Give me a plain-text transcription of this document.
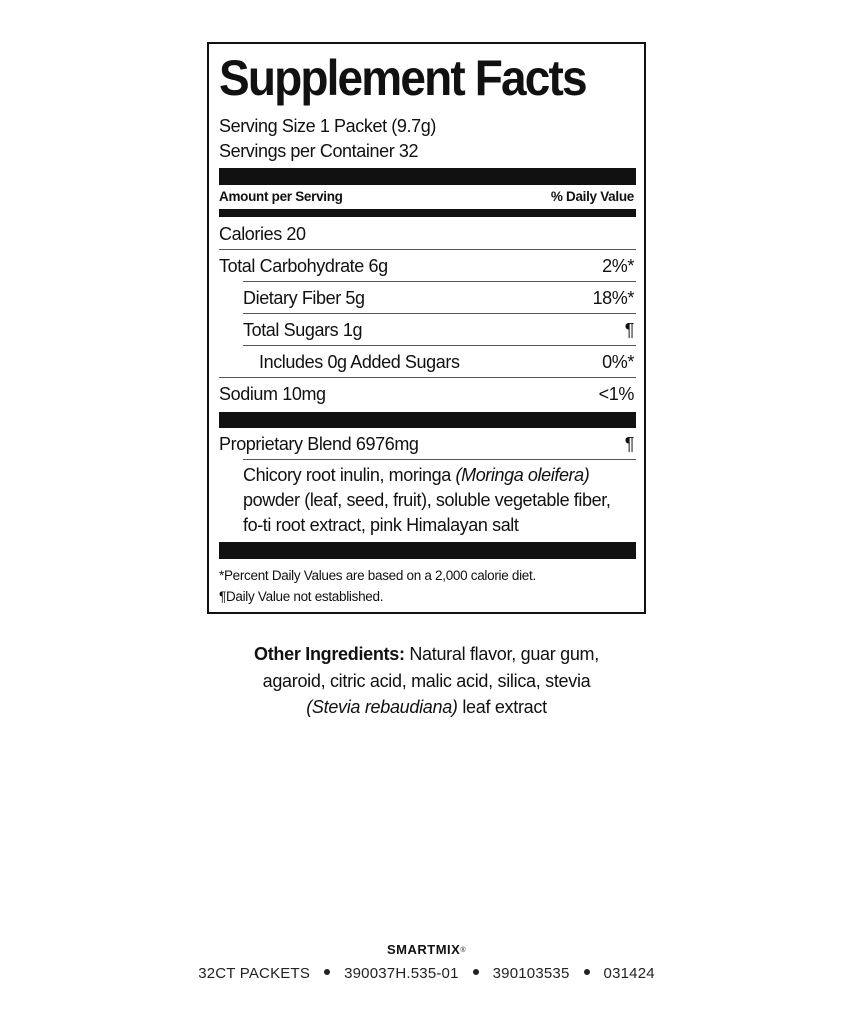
Supplement Facts
Serving Size 1 Packet (9.7g)
Servings per Container 32
Amount per Serving	% Daily Value
Calories 20
Total Carbohydrate 6g	2%*
Dietary Fiber 5g	18%*
Total Sugars 1g	¶
Includes 0g Added Sugars	0%*
Sodium 10mg	<1%
Proprietary Blend 6976mg	¶
Chicory root inulin, moringa (Moringa oleifera)
powder (leaf, seed, fruit), soluble vegetable fiber,
fo-ti root extract, pink Himalayan salt
*Percent Daily Values are based on a 2,000 calorie diet.
¶Daily Value not established.
Other Ingredients: Natural flavor, guar gum,
agaroid, citric acid, malic acid, silica, stevia
(Stevia rebaudiana) leaf extract
SMARTMIX®
32CT PACKETS 390037H.535-01 390103535 031424
